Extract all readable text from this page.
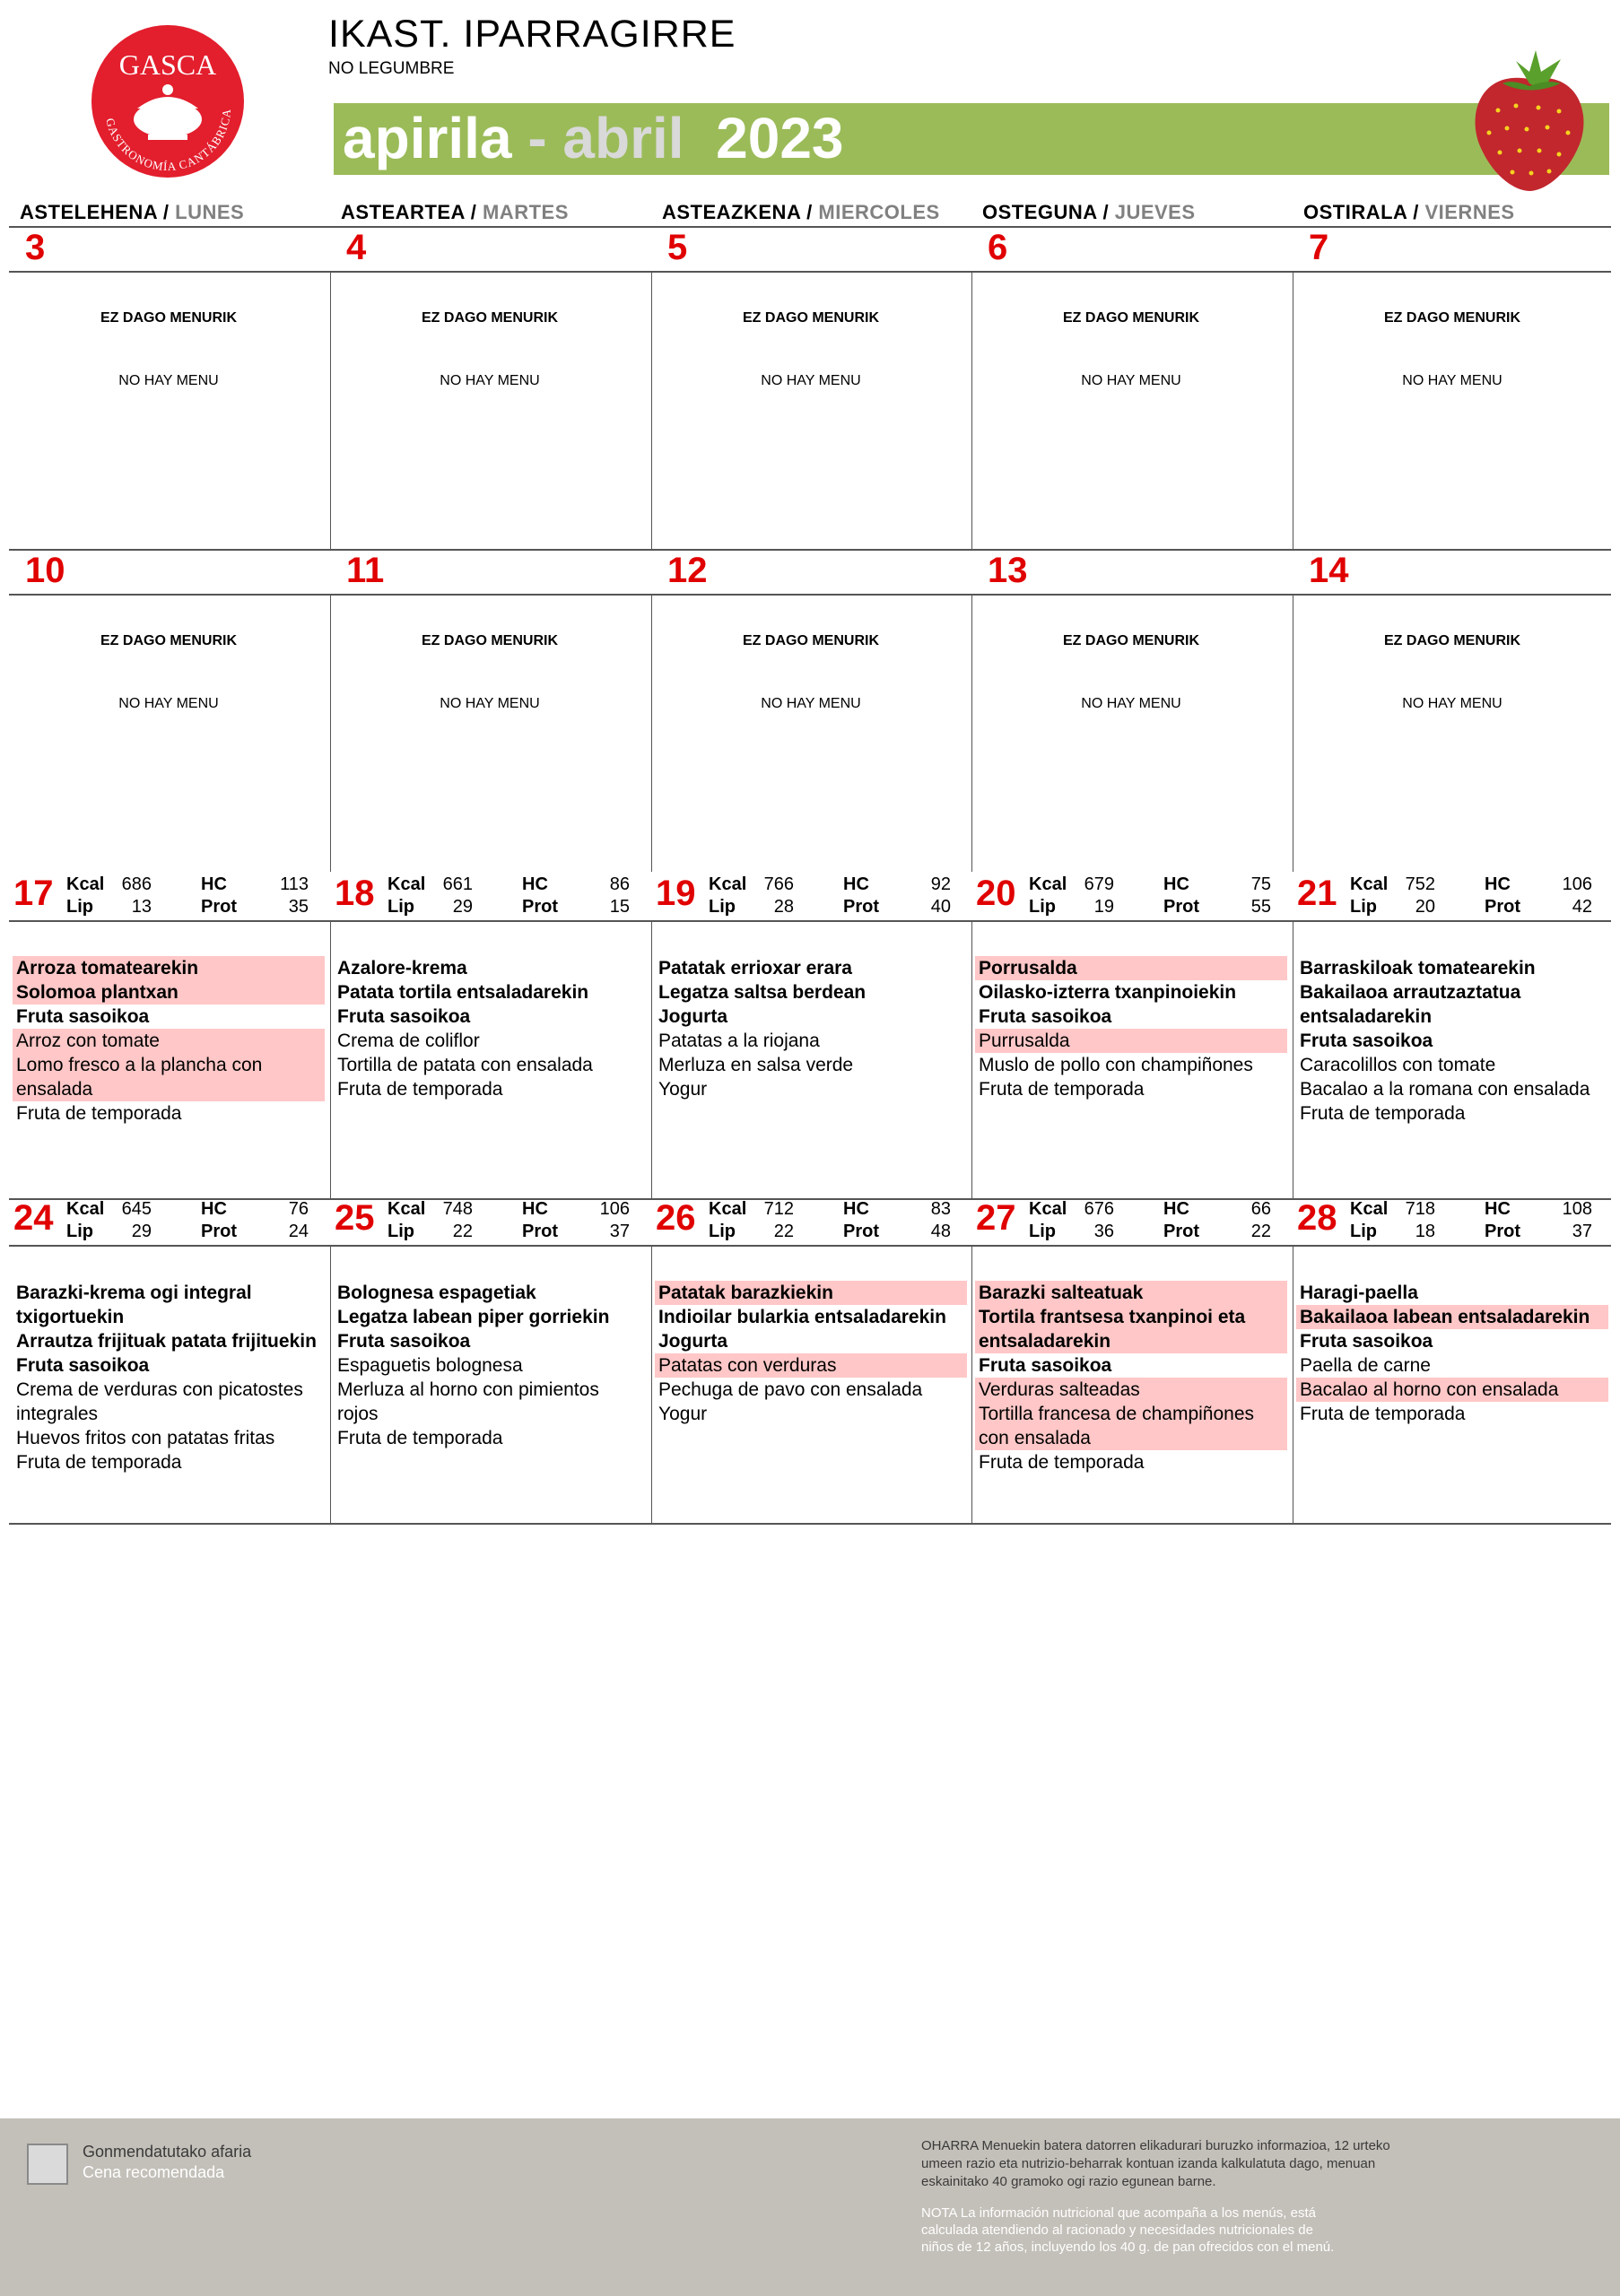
GASCA
GASTRONOMÍA CANTÁBRICA
IKAST. IPARRAGIRRE
NO LEGUMBRE
apirila - abril 2023
ASTELEHENA / LUNES	ASTEARTEA / MARTES	ASTEAZKENA / MIERCOLES OSTEGUNA / JUEVES	OSTIRALA / VIERNES
3
EZ DAGO MENURIK
NO HAY MENU
4
EZ DAGO MENURIK
NO HAY MENU
5
EZ DAGO MENURIK
NO HAY MENU
6
EZ DAGO MENURIK
NO HAY MENU
7
EZ DAGO MENURIK
NO HAY MENU
10
EZ DAGO MENURIK
NO HAY MENU
11
EZ DAGO MENURIK
NO HAY MENU
12
EZ DAGO MENURIK
NO HAY MENU
13
EZ DAGO MENURIK
NO HAY MENU
14
EZ DAGO MENURIK
NO HAY MENU
17 Kcal 686	HC	113
Lip 13	Prot	35
Arroza tomatearekin
Solomoa plantxan
Fruta sasoikoa
Arroz con tomate
Lomo fresco a la plancha con ensalada
Fruta de temporada
18 Kcal 661	HC	86
Lip 29	Prot	15
Azalore-krema
Patata tortila entsaladarekin
Fruta sasoikoa
Crema de coliflor
Tortilla de patata con ensalada
Fruta de temporada
19 Kcal 766	HC	92
Lip 28	Prot	40
Patatak errioxar erara
Legatza saltsa berdean
Jogurta
Patatas a la riojana
Merluza en salsa verde
Yogur
20 Kcal 679	HC	75
Lip 19	Prot	55
Porrusalda
Oilasko-izterra txanpinoiekin
Fruta sasoikoa
Purrusalda
Muslo de pollo con champiñones
Fruta de temporada
21 Kcal 752	HC	106
Lip 20	Prot	42
Barraskiloak tomatearekin
Bakailaoa arrautzaztatua entsaladarekin
Fruta sasoikoa
Caracolillos con tomate
Bacalao a la romana con ensalada
Fruta de temporada
24 Kcal 645	HC	76
Lip 29	Prot	24
Barazki-krema ogi integral txigortuekin
Arrautza frijituak patata frijituekin
Fruta sasoikoa
Crema de verduras con picatostes integrales
Huevos fritos con patatas fritas
Fruta de temporada
25 Kcal 748	HC	106
Lip 22	Prot	37
Bolognesa espagetiak
Legatza labean piper gorriekin
Fruta sasoikoa
Espaguetis bolognesa
Merluza al horno con pimientos rojos
Fruta de temporada
26 Kcal 712	HC	83
Lip 22	Prot	48
Patatak barazkiekin
Indioilar bularkia entsaladarekin
Jogurta
Patatas con verduras
Pechuga de pavo con ensalada
Yogur
27 Kcal 676	HC	66
Lip 36	Prot	22
Barazki salteatuak
Tortila frantsesa txanpinoi eta entsaladarekin
Fruta sasoikoa
Verduras salteadas
Tortilla francesa de champiñones con ensalada
Fruta de temporada
28 Kcal 718	HC	108
Lip 18	Prot	37
Haragi-paella
Bakailaoa labean entsaladarekin
Fruta sasoikoa
Paella de carne
Bacalao al horno con ensalada
Fruta de temporada
Gonmendatutako afaria
Cena recomendada
OHARRA Menuekin batera datorren elikadurari buruzko informazioa, 12 urteko umeen razio eta nutrizio-beharrak kontuan izanda kalkulatuta dago, menuan eskainitako 40 gramoko ogi razio egunean barne.
NOTA La información nutricional que acompaña a los menús, está calculada atendiendo al racionado y necesidades nutricionales de niños de 12 años, incluyendo los 40 g. de pan ofrecidos con el menú.
